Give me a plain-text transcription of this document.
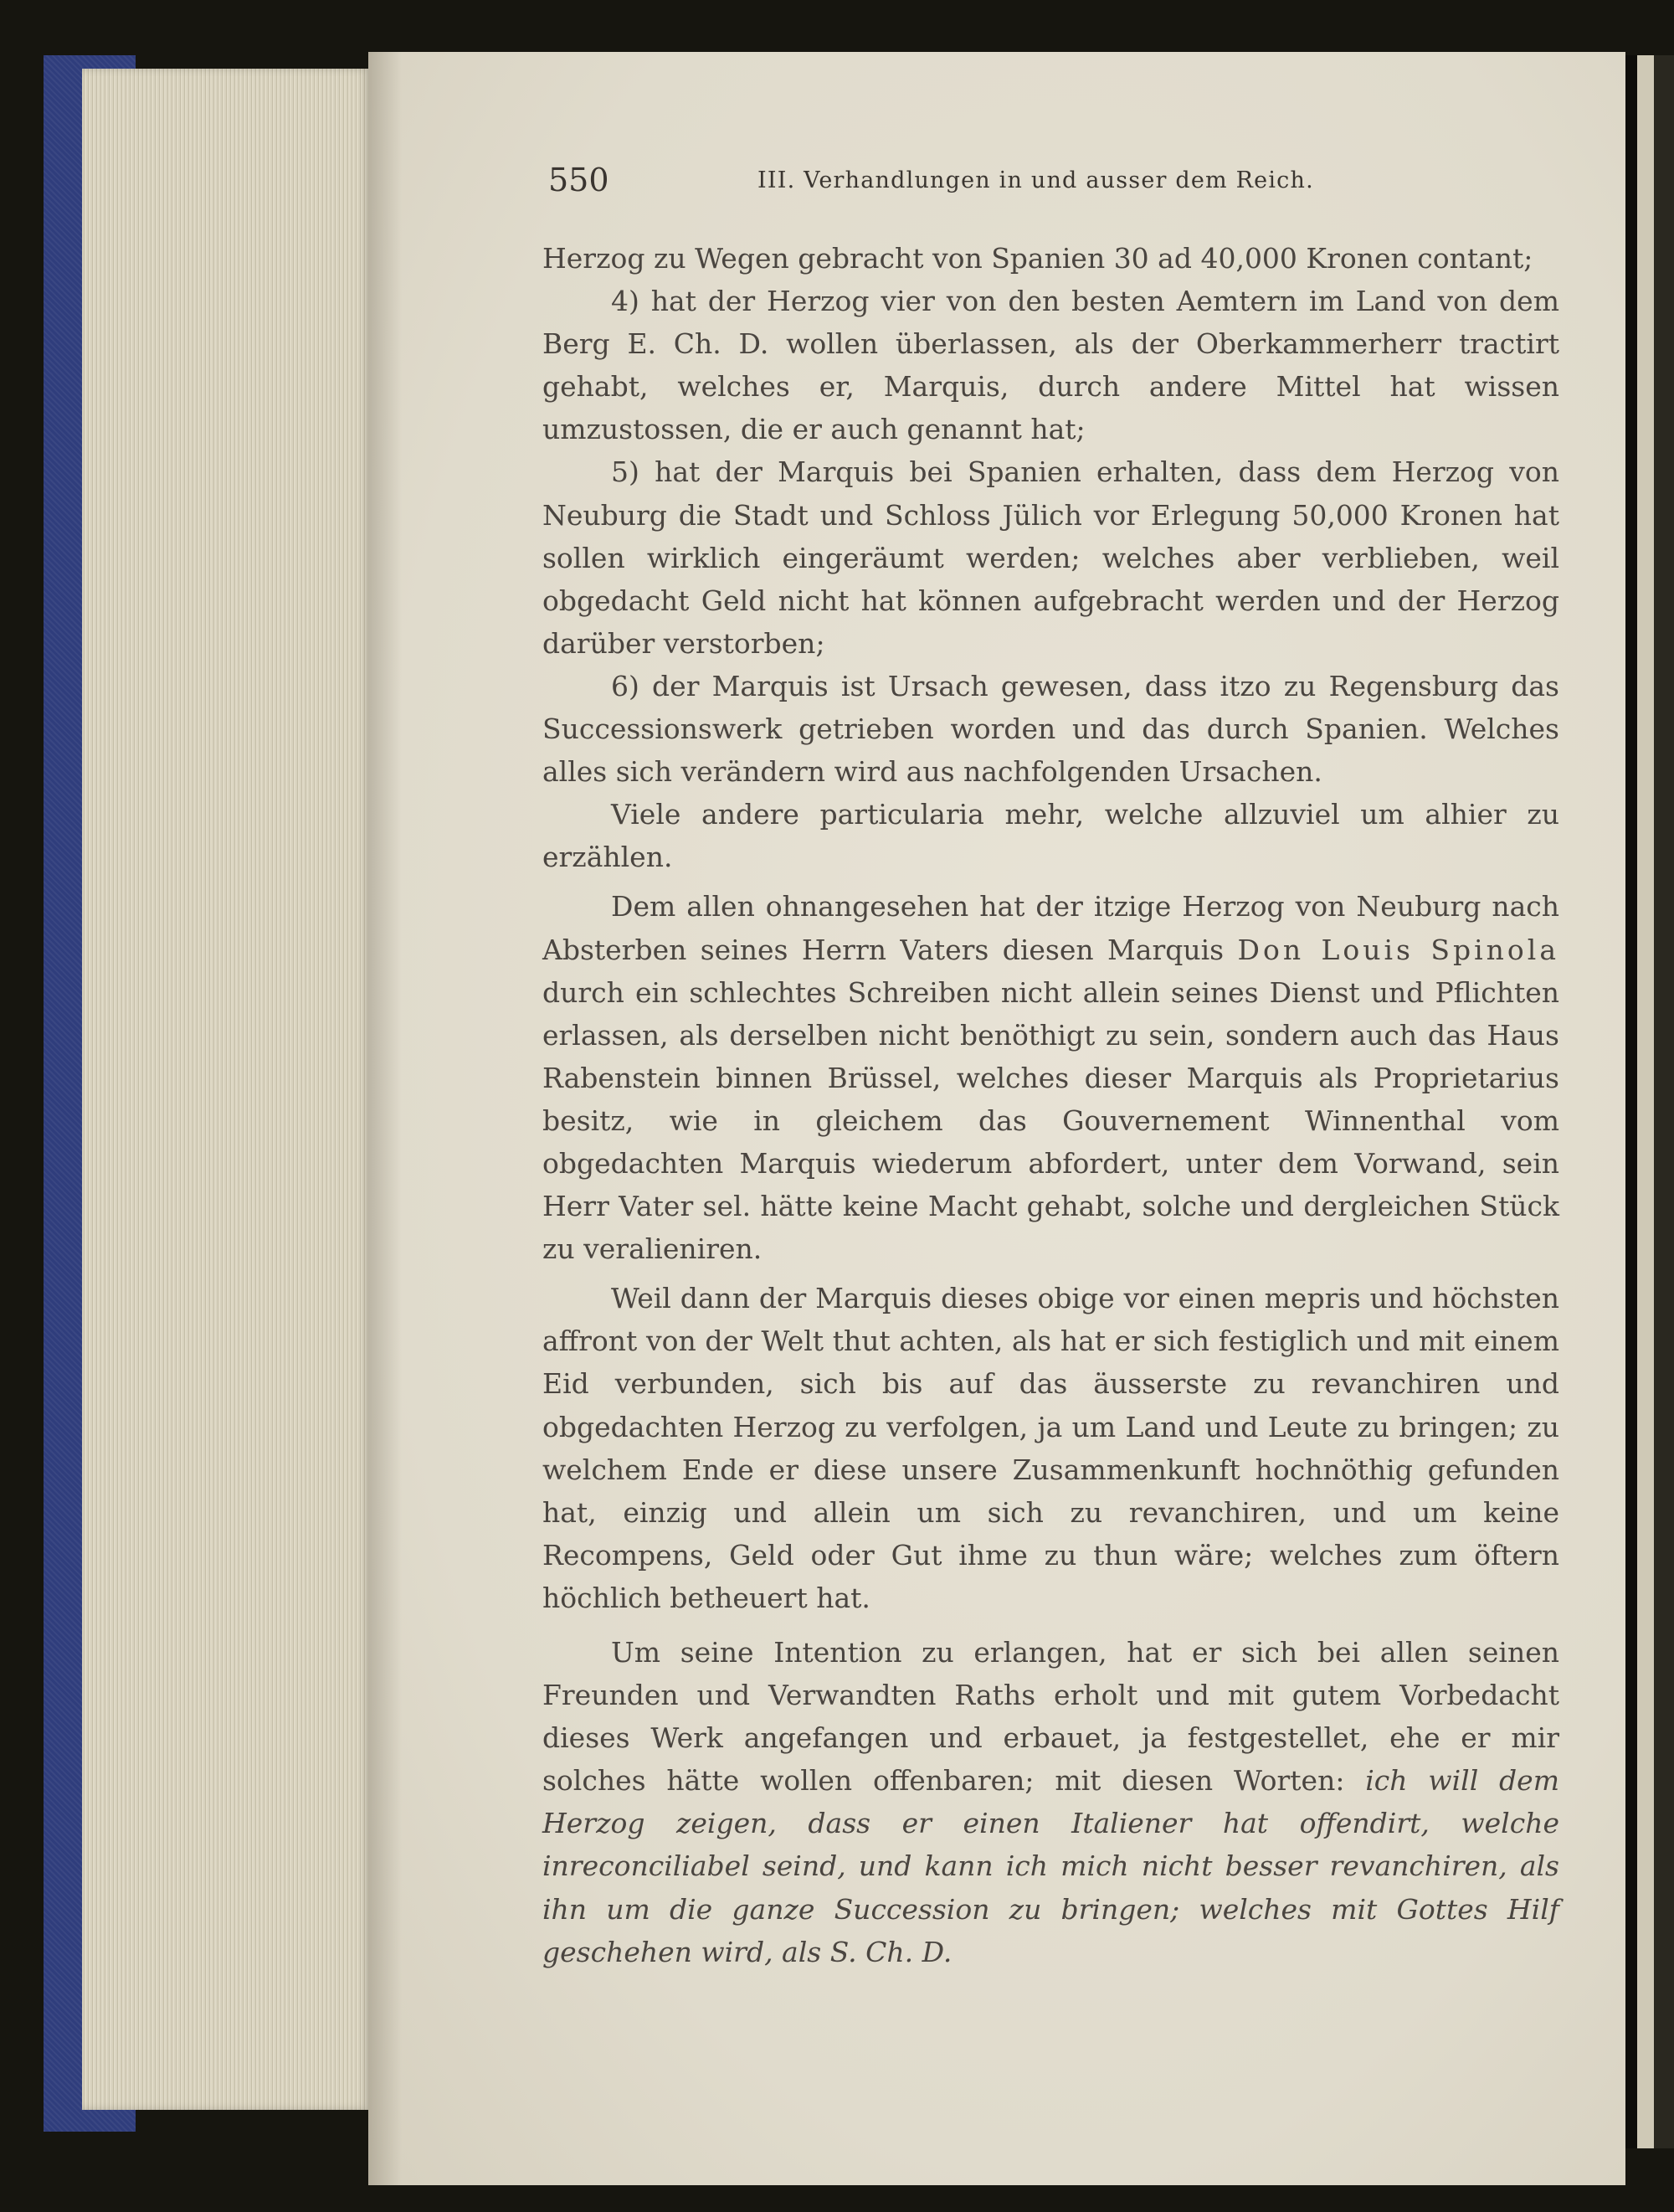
550	III. Verhandlungen in und ausser dem Reich.

Herzog zu Wegen gebracht von Spanien 30 ad 40,000 Kronen contant;

4) hat der Herzog vier von den besten Aemtern im Land von dem Berg E. Ch. D. wollen überlassen, als der Oberkammerherr tractirt gehabt, welches er, Marquis, durch andere Mittel hat wissen umzustossen, die er auch genannt hat;

5) hat der Marquis bei Spanien erhalten, dass dem Herzog von Neuburg die Stadt und Schloss Jülich vor Erlegung 50,000 Kronen hat sollen wirklich eingeräumt werden; welches aber verblieben, weil obgedacht Geld nicht hat können aufgebracht werden und der Herzog darüber verstorben;

6) der Marquis ist Ursach gewesen, dass itzo zu Regensburg das Successionswerk getrieben worden und das durch Spanien. Welches alles sich verändern wird aus nachfolgenden Ursachen.

Viele andere particularia mehr, welche allzuviel um alhier zu erzählen.

Dem allen ohnangesehen hat der itzige Herzog von Neuburg nach Absterben seines Herrn Vaters diesen Marquis Don Louis Spinola durch ein schlechtes Schreiben nicht allein seines Dienst und Pflichten erlassen, als derselben nicht benöthigt zu sein, sondern auch das Haus Rabenstein binnen Brüssel, welches dieser Marquis als Proprietarius besitz, wie in gleichem das Gouvernement Winnenthal vom obgedachten Marquis wiederum abfordert, unter dem Vorwand, sein Herr Vater sel. hätte keine Macht gehabt, solche und dergleichen Stück zu veralieniren.

Weil dann der Marquis dieses obige vor einen mepris und höchsten affront von der Welt thut achten, als hat er sich festiglich und mit einem Eid verbunden, sich bis auf das äusserste zu revanchiren und obgedachten Herzog zu verfolgen, ja um Land und Leute zu bringen; zu welchem Ende er diese unsere Zusammenkunft hochnöthig gefunden hat, einzig und allein um sich zu revanchiren, und um keine Recompens, Geld oder Gut ihme zu thun wäre; welches zum öftern höchlich betheuert hat.

Um seine Intention zu erlangen, hat er sich bei allen seinen Freunden und Verwandten Raths erholt und mit gutem Vorbedacht dieses Werk angefangen und erbauet, ja festgestellet, ehe er mir solches hätte wollen offenbaren; mit diesen Worten: ich will dem Herzog zeigen, dass er einen Italiener hat offendirt, welche inreconciliabel seind, und kann ich mich nicht besser revanchiren, als ihn um die ganze Succession zu bringen; welches mit Gottes Hilf geschehen wird, als S. Ch. D.
